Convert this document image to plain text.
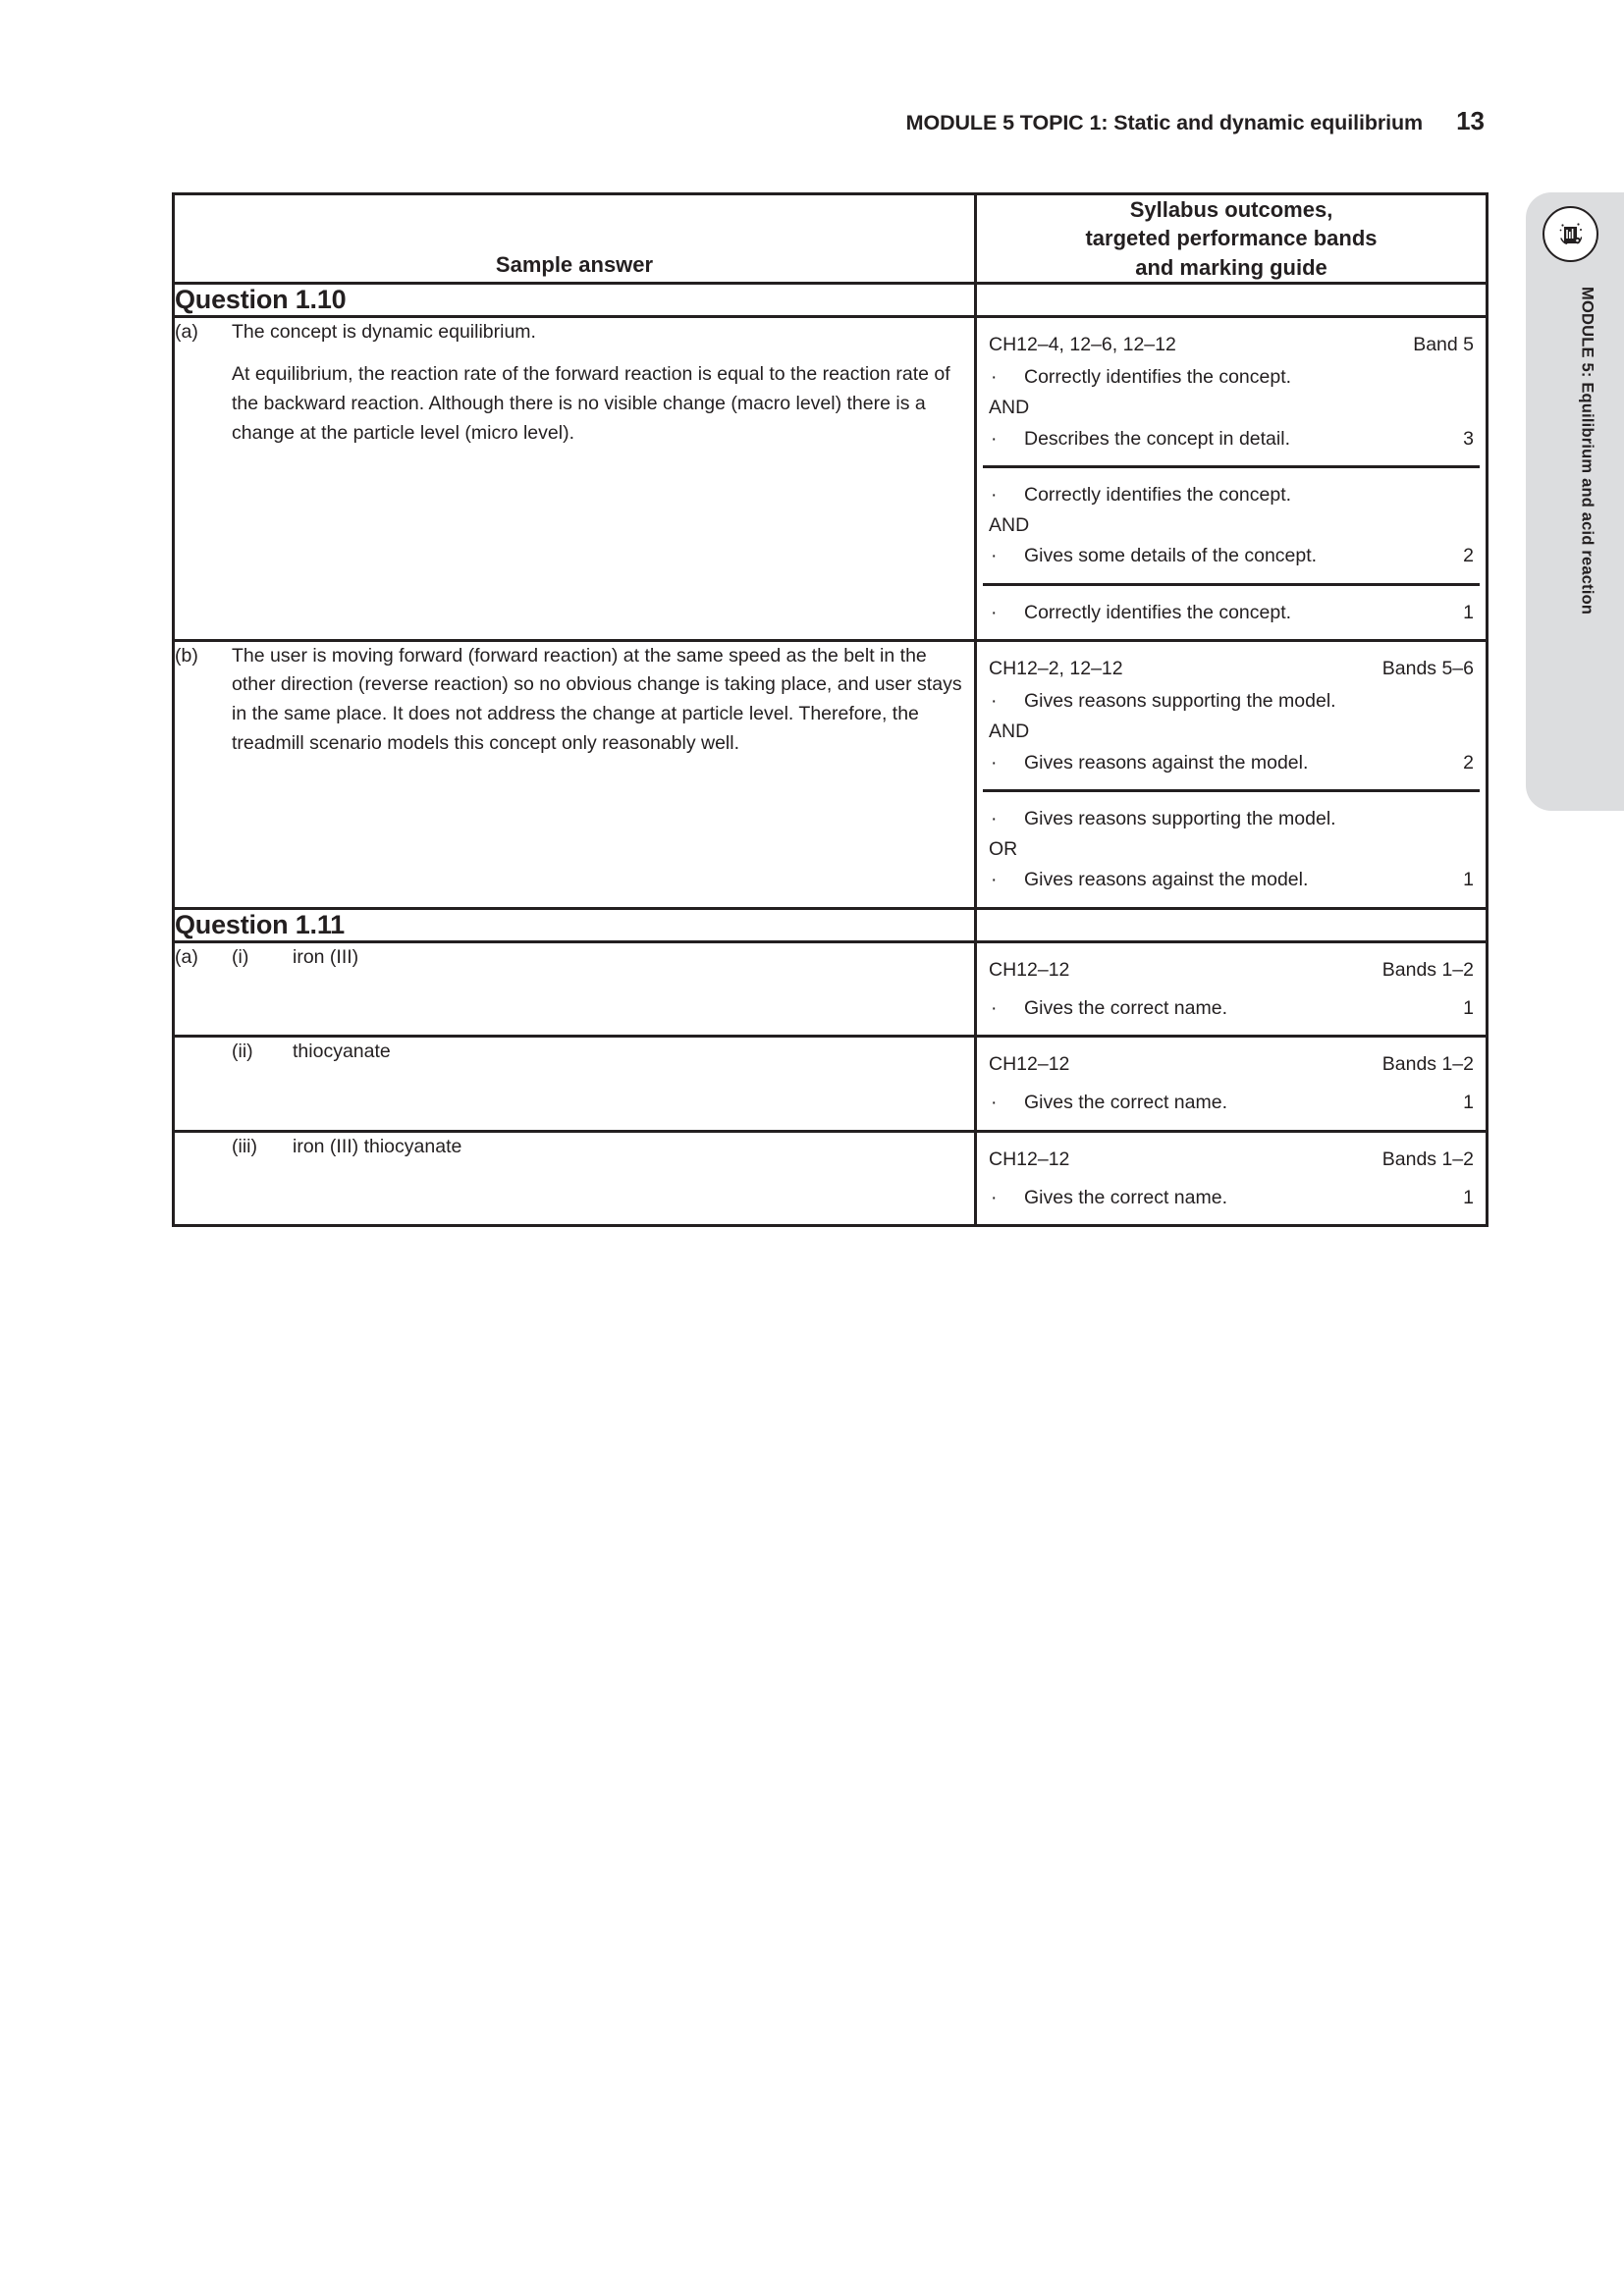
MODULE 5 TOPIC 1: Static and dynamic equilibrium 13
MODULE 5: Equilibrium and acid reaction
Sample answer	Syllabus outcomes,
targeted performance bands
and marking guide

Question 1.10	

(a)	The concept is dynamic equilibrium.

At equilibrium, the reaction rate of the forward reaction is equal to the reaction rate of the backward reaction. Although there is no visible change (macro level) there is a change at the particle level (micro level).

CH12–4, 12–6, 12–12	Band 5
·	Correctly identifies the concept.
AND
·	Describes the concept in detail.	3
·	Correctly identifies the concept.
AND
·	Gives some details of the concept.	2
·	Correctly identifies the concept.	1

(b)	The user is moving forward (forward reaction) at the same speed as the belt in the other direction (reverse reaction) so no obvious change is taking place, and user stays in the same place. It does not address the change at particle level. Therefore, the treadmill scenario models this concept only reasonably well.

CH12–2, 12–12	Bands 5–6
·	Gives reasons supporting the model.
AND
·	Gives reasons against the model.	2
·	Gives reasons supporting the model.
OR
·	Gives reasons against the model.	1

Question 1.11	

(a)	(i)	iron (III)

CH12–12	Bands 1–2
·	Gives the correct name.	1

(ii)	thiocyanate

CH12–12	Bands 1–2
·	Gives the correct name.	1

(iii)	iron (III) thiocyanate

CH12–12	Bands 1–2
·	Gives the correct name.	1
